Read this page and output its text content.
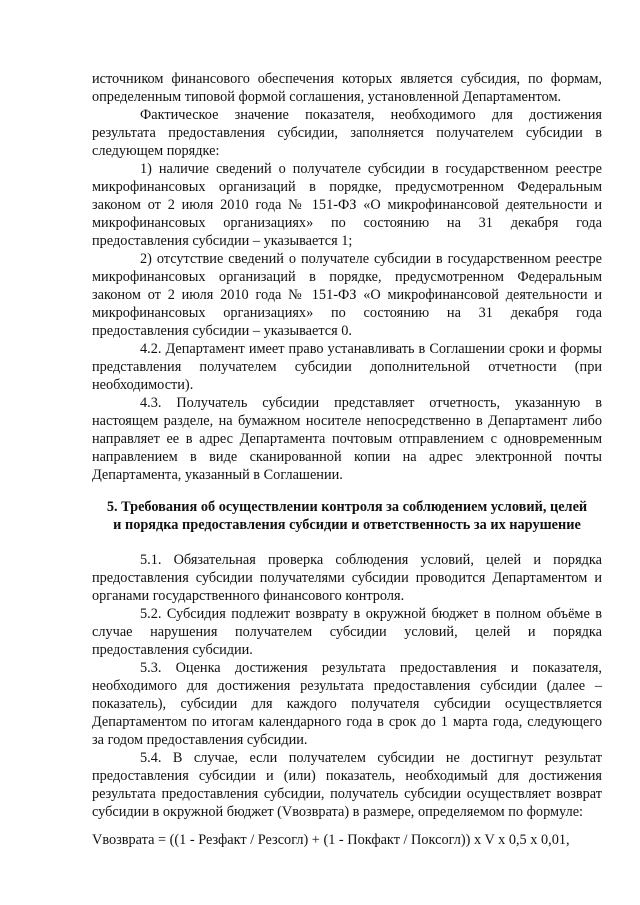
источником финансового обеспечения которых является субсидия, по формам, определенным типовой формой соглашения, установленной Департаментом.

Фактическое значение показателя, необходимого для достижения результата предоставления субсидии, заполняется получателем субсидии в следующем порядке:

1) наличие сведений о получателе субсидии в государственном реестре микрофинансовых организаций в порядке, предусмотренном Федеральным законом от 2 июля 2010 года № 151-ФЗ «О микрофинансовой деятельности и микрофинансовых организациях» по состоянию на 31 декабря года предоставления субсидии – указывается 1;

2) отсутствие сведений о получателе субсидии в государственном реестре микрофинансовых организаций в порядке, предусмотренном Федеральным законом от 2 июля 2010 года № 151-ФЗ «О микрофинансовой деятельности и микрофинансовых организациях» по состоянию на 31 декабря года предоставления субсидии – указывается 0.

4.2. Департамент имеет право устанавливать в Соглашении сроки и формы представления получателем субсидии дополнительной отчетности (при необходимости).

4.3. Получатель субсидии представляет отчетность, указанную в настоящем разделе, на бумажном носителе непосредственно в Департамент либо направляет ее в адрес Департамента почтовым отправлением с одновременным направлением в виде сканированной копии на адрес электронной почты Департамента, указанный в Соглашении.

5. Требования об осуществлении контроля за соблюдением условий, целей
и порядка предоставления субсидии и ответственность за их нарушение

5.1. Обязательная проверка соблюдения условий, целей и порядка предоставления субсидии получателями субсидии проводится Департаментом и органами государственного финансового контроля.

5.2. Субсидия подлежит возврату в окружной бюджет в полном объёме в случае нарушения получателем субсидии условий, целей и порядка предоставления субсидии.

5.3. Оценка достижения результата предоставления и показателя, необходимого для достижения результата предоставления субсидии (далее – показатель), субсидии для каждого получателя субсидии осуществляется Департаментом по итогам календарного года в срок до 1 марта года, следующего за годом предоставления субсидии.

5.4. В случае, если получателем субсидии не достигнут результат предоставления субсидии и (или) показатель, необходимый для достижения результата предоставления субсидии, получатель субсидии осуществляет возврат субсидии в окружной бюджет (Vвозврата) в размере, определяемом по формуле:

Vвозврата = ((1 - Резфакт / Резсогл) + (1 - Покфакт / Поксогл)) x V x 0,5 x 0,01,
